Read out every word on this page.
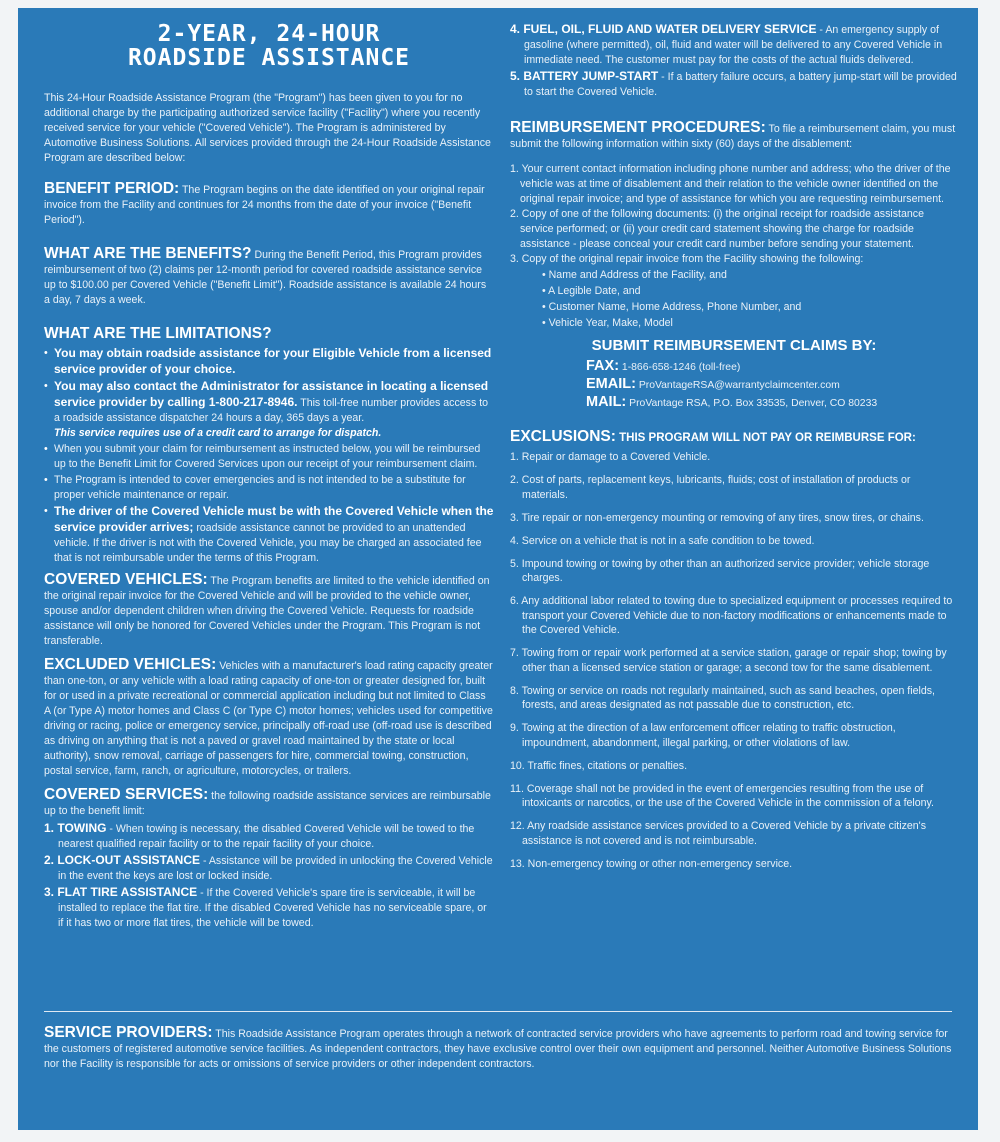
2-YEAR, 24-HOUR
ROADSIDE ASSISTANCE

This 24-Hour Roadside Assistance Program (the "Program") has been given to you for no additional charge by the participating authorized service facility ("Facility") where you recently received service for your vehicle ("Covered Vehicle"). The Program is administered by Automotive Business Solutions. All services provided through the 24-Hour Roadside Assistance Program are described below:

BENEFIT PERIOD: The Program begins on the date identified on your original repair invoice from the Facility and continues for 24 months from the date of your invoice ("Benefit Period").

WHAT ARE THE BENEFITS? During the Benefit Period, this Program provides reimbursement of two (2) claims per 12-month period for covered roadside assistance service up to $100.00 per Covered Vehicle ("Benefit Limit"). Roadside assistance is available 24 hours a day, 7 days a week.

WHAT ARE THE LIMITATIONS?
• You may obtain roadside assistance for your Eligible Vehicle from a licensed service provider of your choice.
• You may also contact the Administrator for assistance in locating a licensed service provider by calling 1-800-217-8946. This toll-free number provides access to a roadside assistance dispatcher 24 hours a day, 365 days a year.
This service requires use of a credit card to arrange for dispatch.
• When you submit your claim for reimbursement as instructed below, you will be reimbursed up to the Benefit Limit for Covered Services upon our receipt of your reimbursement claim.
• The Program is intended to cover emergencies and is not intended to be a substitute for proper vehicle maintenance or repair.
• The driver of the Covered Vehicle must be with the Covered Vehicle when the service provider arrives; roadside assistance cannot be provided to an unattended vehicle. If the driver is not with the Covered Vehicle, you may be charged an associated fee that is not reimbursable under the terms of this Program.

COVERED VEHICLES: The Program benefits are limited to the vehicle identified on the original repair invoice for the Covered Vehicle and will be provided to the vehicle owner, spouse and/or dependent children when driving the Covered Vehicle. Requests for roadside assistance will only be honored for Covered Vehicles under the Program. This Program is not transferable.

EXCLUDED VEHICLES: Vehicles with a manufacturer's load rating capacity greater than one-ton, or any vehicle with a load rating capacity of one-ton or greater designed for, built for or used in a private recreational or commercial application including but not limited to Class A (or Type A) motor homes and Class C (or Type C) motor homes; vehicles used for competitive driving or racing, police or emergency service, principally off-road use (off-road use is described as driving on anything that is not a paved or gravel road maintained by the state or local authority), snow removal, carriage of passengers for hire, commercial towing, construction, postal service, farm, ranch, or agriculture, motorcycles, or trailers.

COVERED SERVICES: the following roadside assistance services are reimbursable up to the benefit limit:

1. TOWING - When towing is necessary, the disabled Covered Vehicle will be towed to the nearest qualified repair facility or to the repair facility of your choice.
2. LOCK-OUT ASSISTANCE - Assistance will be provided in unlocking the Covered Vehicle in the event the keys are lost or locked inside.
3. FLAT TIRE ASSISTANCE - If the Covered Vehicle's spare tire is serviceable, it will be installed to replace the flat tire. If the disabled Covered Vehicle has no serviceable spare, or if it has two or more flat tires, the vehicle will be towed.
4. FUEL, OIL, FLUID AND WATER DELIVERY SERVICE - An emergency supply of gasoline (where permitted), oil, fluid and water will be delivered to any Covered Vehicle in immediate need. The customer must pay for the costs of the actual fluids delivered.
5. BATTERY JUMP-START - If a battery failure occurs, a battery jump-start will be provided to start the Covered Vehicle.

REIMBURSEMENT PROCEDURES: To file a reimbursement claim, you must submit the following information within sixty (60) days of the disablement:

1. Your current contact information including phone number and address; who the driver of the vehicle was at time of disablement and their relation to the vehicle owner identified on the original repair invoice; and type of assistance for which you are requesting reimbursement.
2. Copy of one of the following documents: (i) the original receipt for roadside assistance service performed; or (ii) your credit card statement showing the charge for roadside assistance - please conceal your credit card number before sending your statement.
3. Copy of the original repair invoice from the Facility showing the following:
• Name and Address of the Facility, and
• A Legible Date, and
• Customer Name, Home Address, Phone Number, and
• Vehicle Year, Make, Model
SUBMIT REIMBURSEMENT CLAIMS BY:
FAX: 1-866-658-1246 (toll-free)
EMAIL: ProVantageRSA@warrantyclaimcenter.com
MAIL: ProVantage RSA, P.O. Box 33535, Denver, CO 80233
EXCLUSIONS: THIS PROGRAM WILL NOT PAY OR REIMBURSE FOR:
1. Repair or damage to a Covered Vehicle.
2. Cost of parts, replacement keys, lubricants, fluids; cost of installation of products or materials.
3. Tire repair or non-emergency mounting or removing of any tires, snow tires, or chains.
4. Service on a vehicle that is not in a safe condition to be towed.
5. Impound towing or towing by other than an authorized service provider; vehicle storage charges.
6. Any additional labor related to towing due to specialized equipment or processes required to transport your Covered Vehicle due to non-factory modifications or enhancements made to the Covered Vehicle.
7. Towing from or repair work performed at a service station, garage or repair shop; towing by other than a licensed service station or garage; a second tow for the same disablement.
8. Towing or service on roads not regularly maintained, such as sand beaches, open fields, forests, and areas designated as not passable due to construction, etc.
9. Towing at the direction of a law enforcement officer relating to traffic obstruction, impoundment, abandonment, illegal parking, or other violations of law.
10. Traffic fines, citations or penalties.
11. Coverage shall not be provided in the event of emergencies resulting from the use of intoxicants or narcotics, or the use of the Covered Vehicle in the commission of a felony.
12. Any roadside assistance services provided to a Covered Vehicle by a private citizen's assistance is not covered and is not reimbursable.
13. Non-emergency towing or other non-emergency service.

SERVICE PROVIDERS: This Roadside Assistance Program operates through a network of contracted service providers who have agreements to perform road and towing service for the customers of registered automotive service facilities. As independent contractors, they have exclusive control over their own equipment and personnel. Neither Automotive Business Solutions nor the Facility is responsible for acts or omissions of service providers or other independent contractors.
